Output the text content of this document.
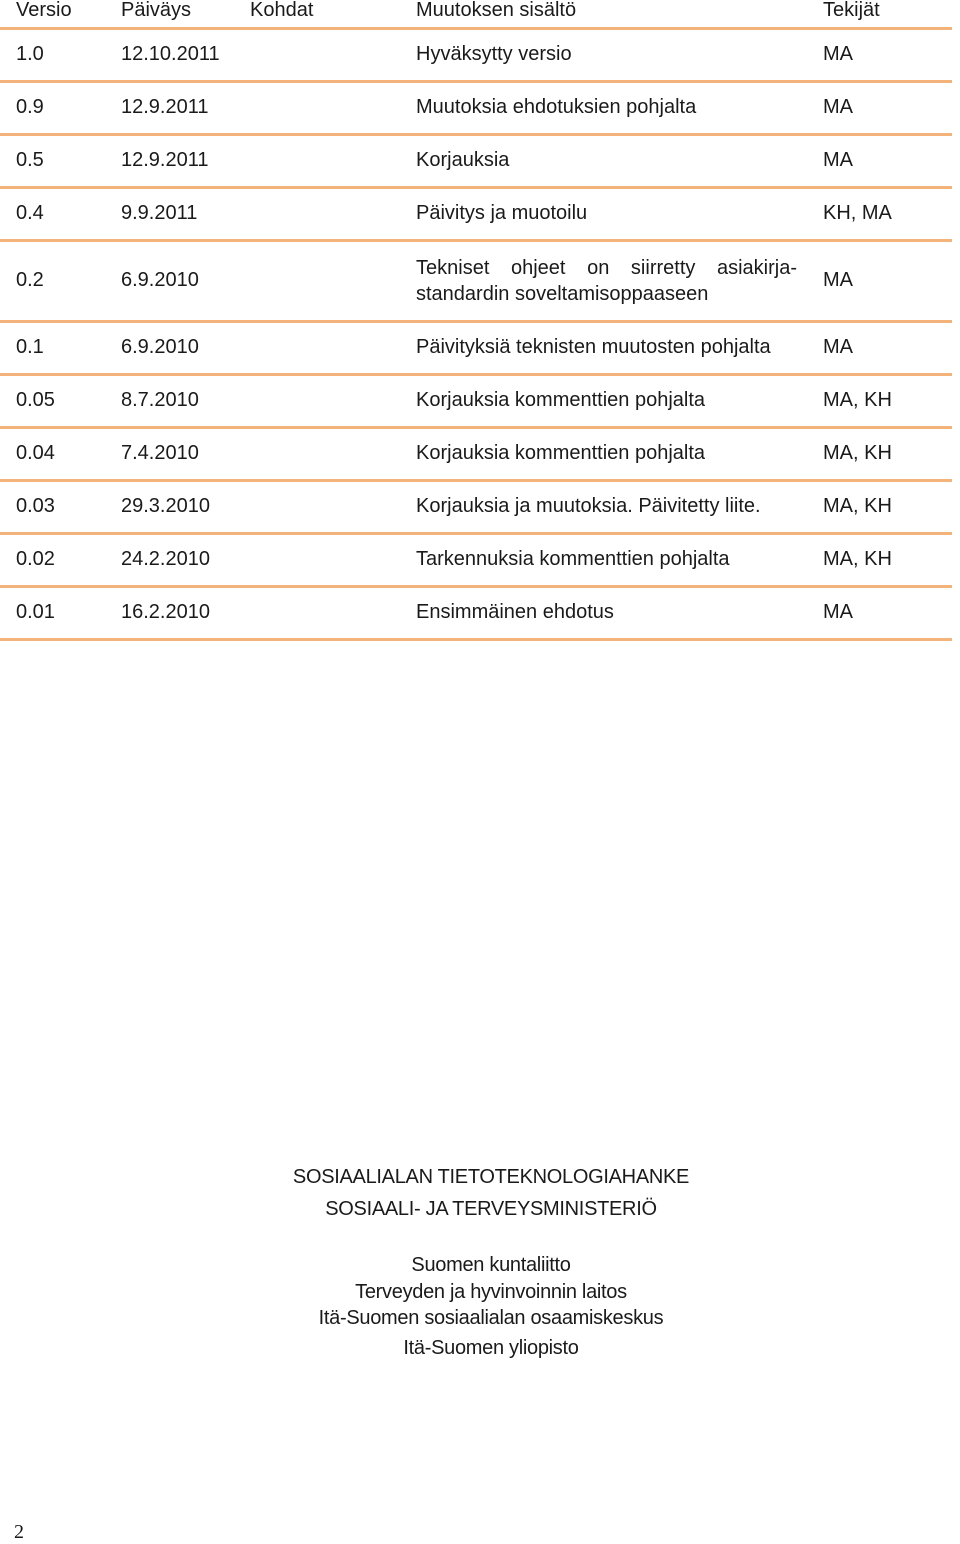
Versio	Päiväys	Kohdat	Muutoksen sisältö	Tekijät
1.0	12.10.2011		Hyväksytty versio	MA
0.9	12.9.2011		Muutoksia ehdotuksien pohjalta	MA
0.5	12.9.2011		Korjauksia	MA
0.4	9.9.2011		Päivitys ja muotoilu	KH, MA
0.2	6.9.2010		Tekniset ohjeet on siirretty asiakirja-standardin soveltamisoppaaseen	MA
0.1	6.9.2010		Päivityksiä teknisten muutosten pohjalta	MA
0.05	8.7.2010		Korjauksia kommenttien pohjalta	MA, KH
0.04	7.4.2010		Korjauksia kommenttien pohjalta	MA, KH
0.03	29.3.2010		Korjauksia ja muutoksia. Päivitetty liite.	MA, KH
0.02	24.2.2010		Tarkennuksia kommenttien pohjalta	MA, KH
0.01	16.2.2010		Ensimmäinen ehdotus	MA
SOSIAALIALAN TIETOTEKNOLOGIAHANKE
SOSIAALI- JA TERVEYSMINISTERIÖ

Suomen kuntaliitto

Terveyden ja hyvinvoinnin laitos

Itä-Suomen sosiaalialan osaamiskeskus

Itä-Suomen yliopisto
2
